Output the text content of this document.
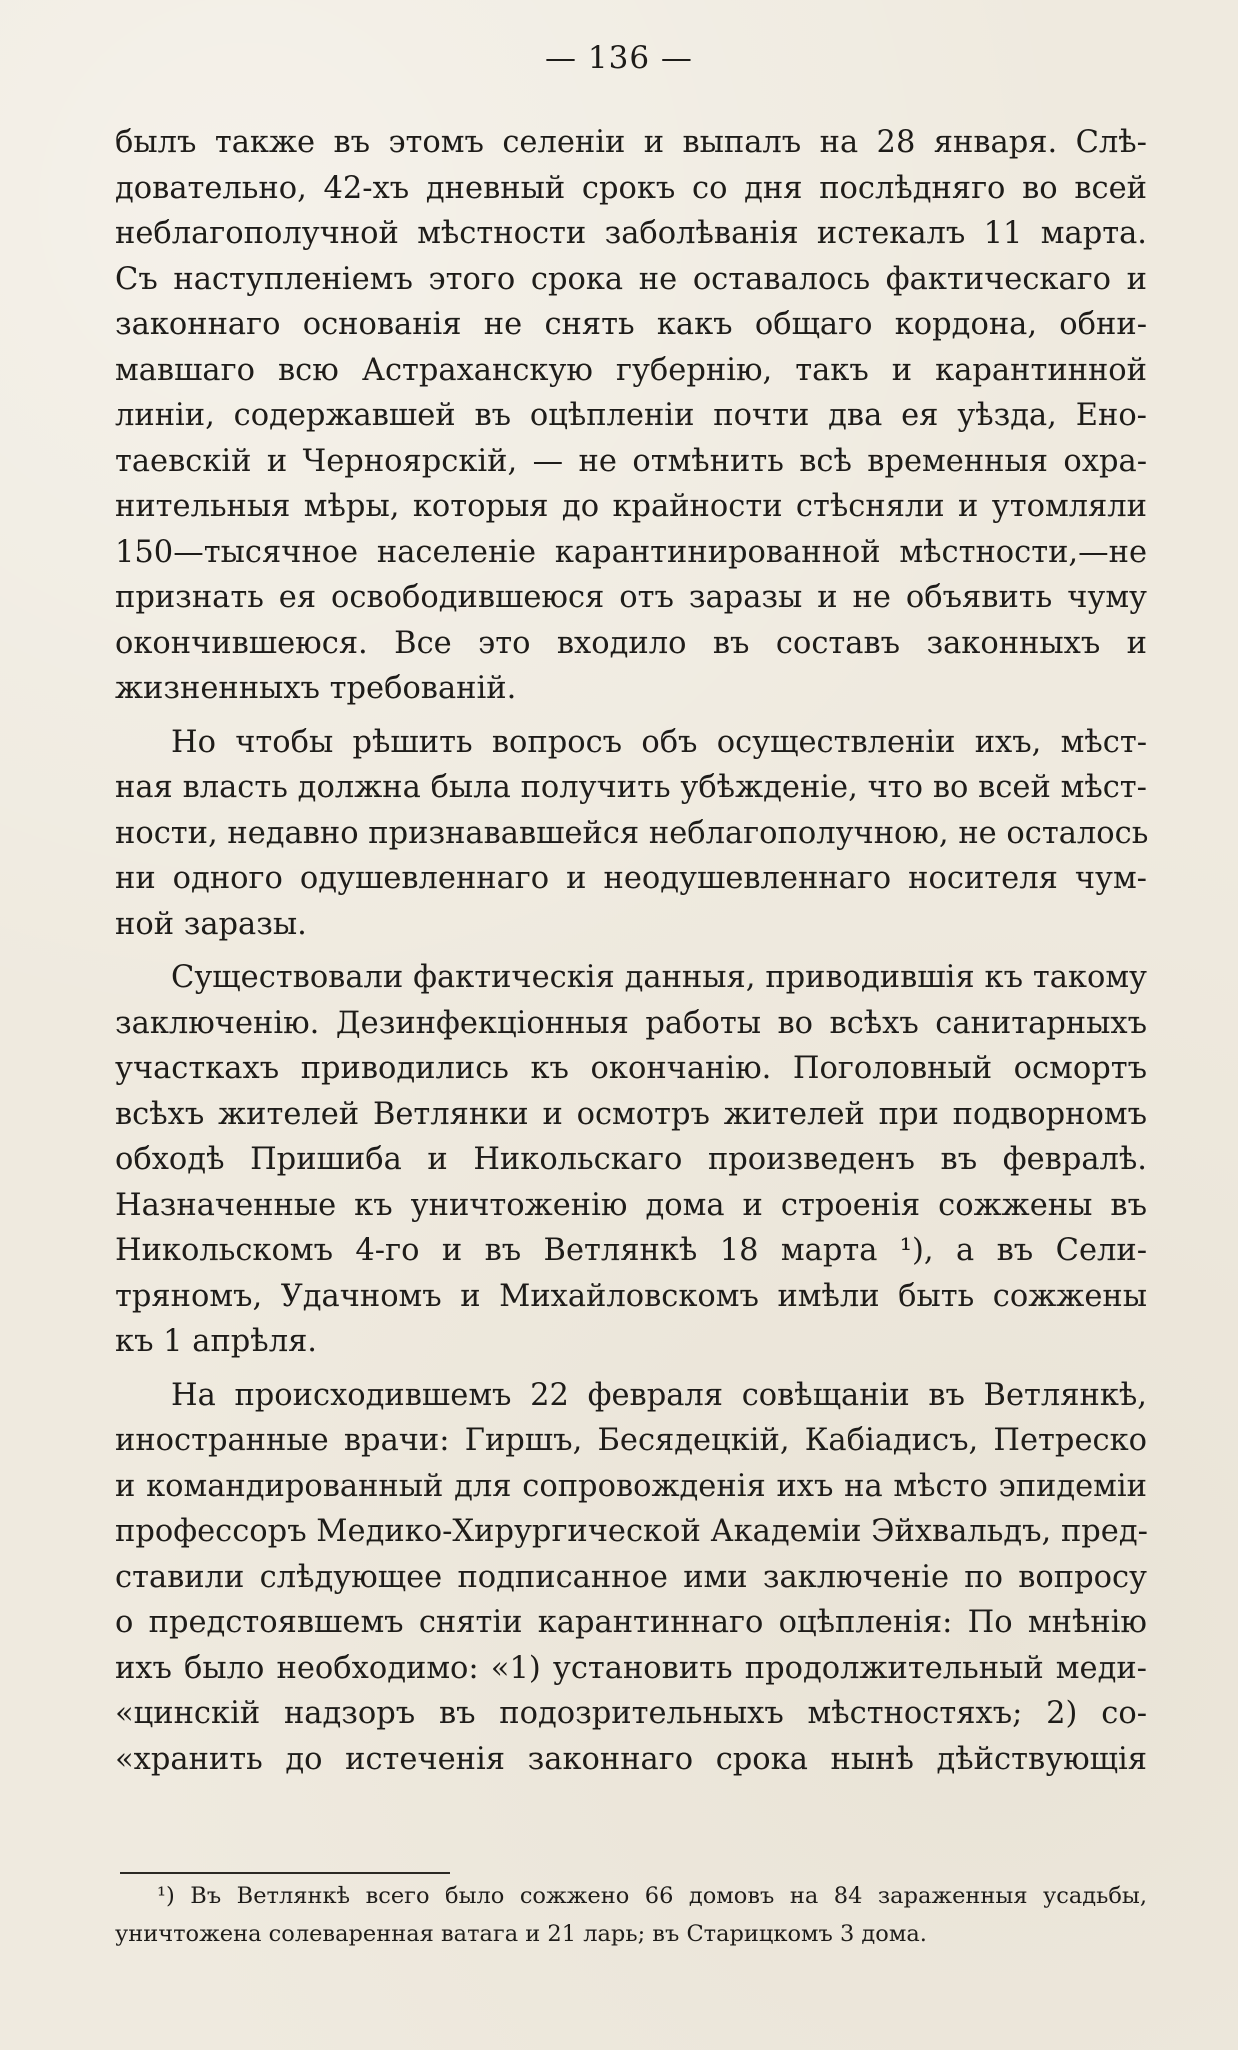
— 136 —
былъ также въ этомъ селеніи и выпалъ на 28 января. Слѣ-
довательно, 42-хъ дневный срокъ со дня послѣдняго во всей
неблагополучной мѣстности заболѣванія истекалъ 11 марта.
Съ наступленіемъ этого срока не оставалось фактическаго и
законнаго основанія не снять какъ общаго кордона, обни-
мавшаго всю Астраханскую губернію, такъ и карантинной
линіи, содержавшей въ оцѣпленіи почти два ея уѣзда, Ено-
таевскій и Черноярскій, — не отмѣнить всѣ временныя охра-
нительныя мѣры, которыя до крайности стѣсняли и утомляли
150—тысячное населеніе карантинированной мѣстности,—не
признать ея освободившеюся отъ заразы и не объявить чуму
окончившеюся. Все это входило въ составъ законныхъ и
жизненныхъ требованій.
Но чтобы рѣшить вопросъ объ осуществленіи ихъ, мѣст-
ная власть должна была получить убѣжденіе, что во всей мѣст-
ности, недавно признававшейся неблагополучною, не осталось
ни одного одушевленнаго и неодушевленнаго носителя чум-
ной заразы.
Существовали фактическія данныя, приводившія къ такому
заключенію. Дезинфекціонныя работы во всѣхъ санитарныхъ
участкахъ приводились къ окончанію. Поголовный осмортъ
всѣхъ жителей Ветлянки и осмотръ жителей при подворномъ
обходѣ Пришиба и Никольскаго произведенъ въ февралѣ.
Назначенные къ уничтоженію дома и строенія сожжены въ
Никольскомъ 4-го и въ Ветлянкѣ 18 марта ¹), а въ Сели-
тряномъ, Удачномъ и Михайловскомъ имѣли быть сожжены
къ 1 апрѣля.
На происходившемъ 22 февраля совѣщаніи въ Ветлянкѣ,
иностранные врачи: Гиршъ, Бесядецкій, Кабіадисъ, Петреско
и командированный для сопровожденія ихъ на мѣсто эпидеміи
профессоръ Медико-Хирургической Академіи Эйхвальдъ, пред-
ставили слѣдующее подписанное ими заключеніе по вопросу
о предстоявшемъ снятіи карантиннаго оцѣпленія: По мнѣнію
ихъ было необходимо: «1) установить продолжительный меди-
«цинскій надзоръ въ подозрительныхъ мѣстностяхъ; 2) со-
«хранить до истеченія законнаго срока нынѣ дѣйствующія
¹) Въ Ветлянкѣ всего было сожжено 66 домовъ на 84 зараженныя усадьбы,
уничтожена солеваренная ватага и 21 ларь; въ Старицкомъ 3 дома.
